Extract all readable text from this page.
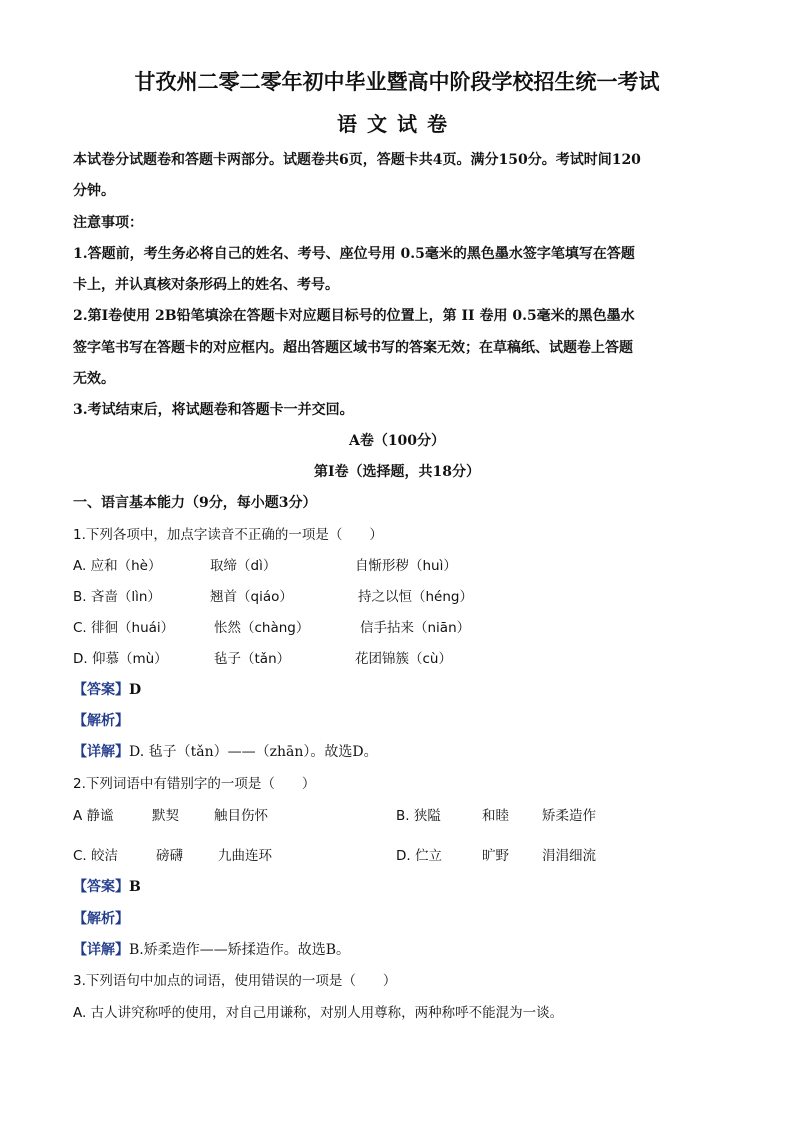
甘孜州二零二零年初中毕业暨高中阶段学校招生统一考试
语文试卷
本试卷分试题卷和答题卡两部分。试题卷共6页，答题卡共4页。满分150分。考试时间120
分钟。
注意事项：
1.答题前，考生务必将自己的姓名、考号、座位号用 0.5毫米的黑色墨水签字笔填写在答题
卡上，并认真核对条形码上的姓名、考号。
2.第Ⅰ卷使用 2B铅笔填涂在答题卡对应题目标号的位置上，第 II 卷用 0.5毫米的黑色墨水
签字笔书写在答题卡的对应框内。超出答题区域书写的答案无效；在草稿纸、试题卷上答题
无效。
3.考试结束后，将试题卷和答题卡一并交回。
A卷（100分）
第Ⅰ卷（选择题，共18分）
一、语言基本能力（9分，每小题3分）
1.下列各项中，加点字读音不正确的一项是（　　）
A. 应和（hè）	取缔（dì）	自惭形秽（huì）
B. 吝啬（lìn）	翘首（qiáo）	持之以恒（héng）
C. 徘徊（huái）	怅然（chàng）	信手拈来（niān）
D. 仰慕（mù）	毡子（tǎn）	花团锦簇（cù）
【答案】D
【解析】
【详解】D. 毡子（tǎn）——（zhān）。故选D。
2.下列词语中有错别字的一项是（　　）
A 静谧	默契	触目伤怀	B. 狭隘	和睦 矫柔造作
C. 皎洁	磅礴	九曲连环	D. 伫立	旷野 涓涓细流
【答案】B
【解析】
【详解】B.矫柔造作——矫揉造作。故选B。
3.下列语句中加点的词语，使用错误的一项是（　　）
A. 古人讲究称呼的使用，对自己用谦称，对别人用尊称，两种称呼不能混为一谈。
